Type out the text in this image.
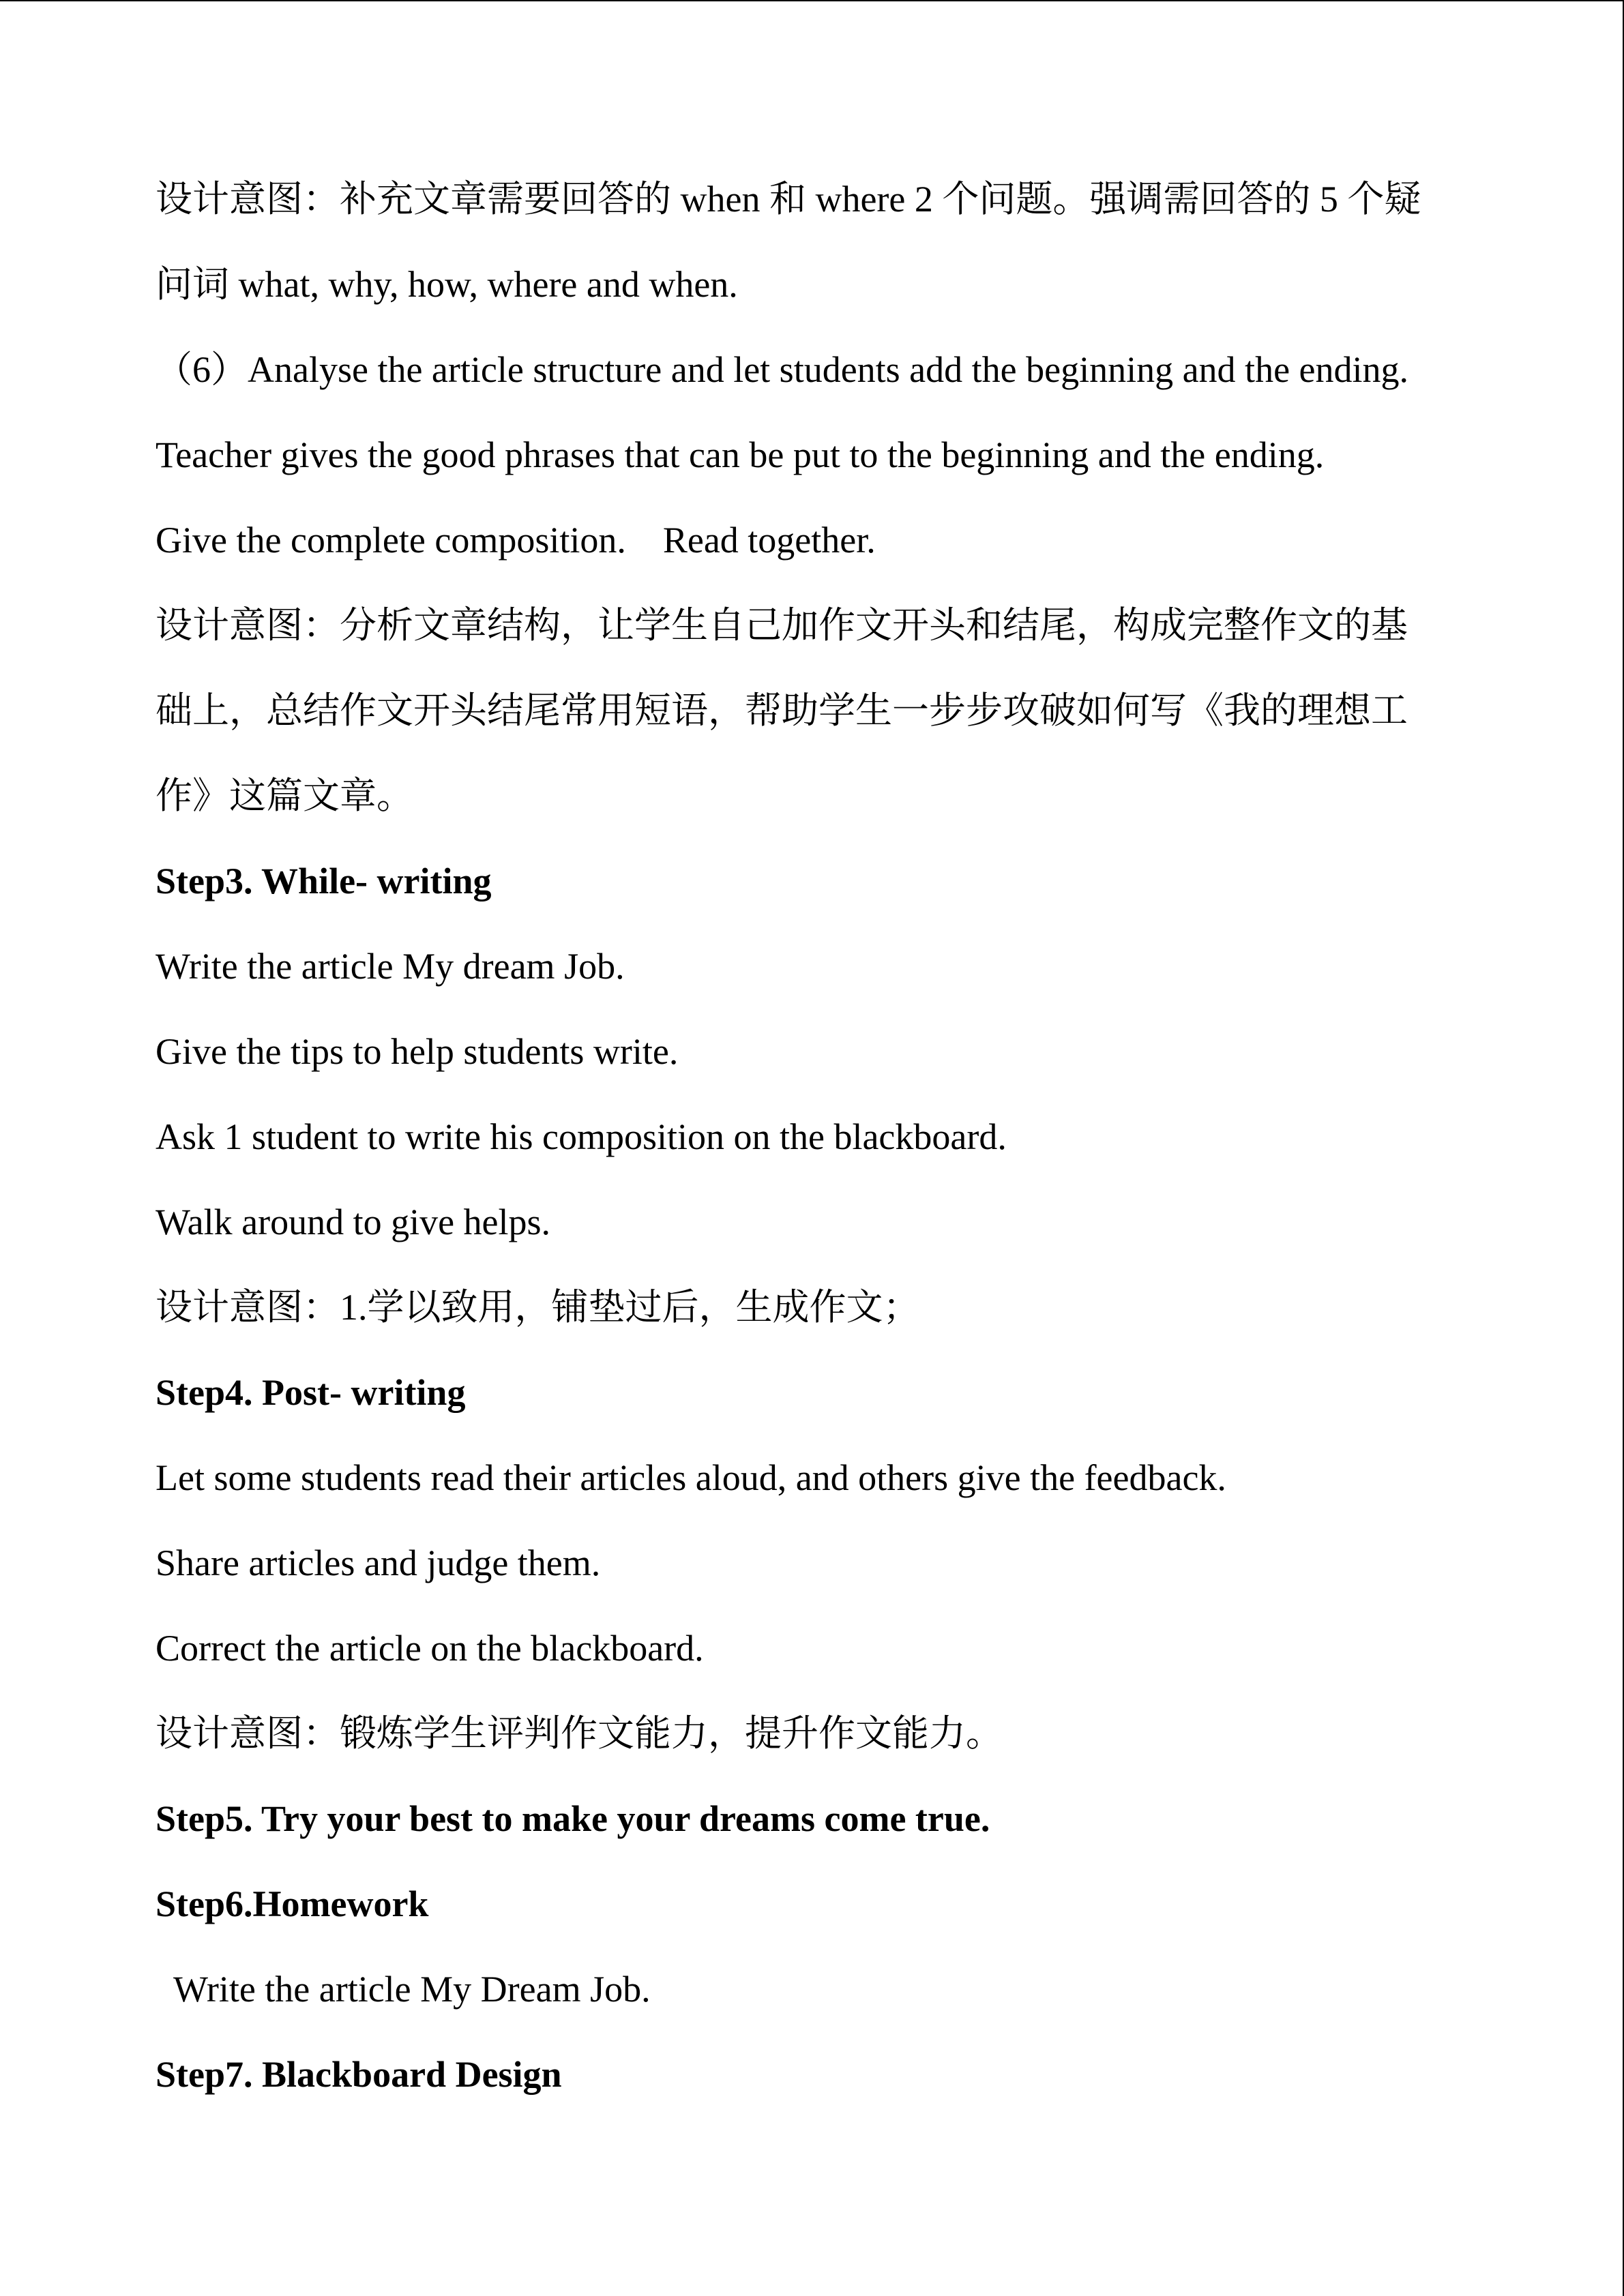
设计意图：补充文章需要回答的 when 和 where 2 个问题。强调需回答的 5 个疑

问词 what, why, how, where and when.

（6）Analyse the article structure and let students add the beginning and the ending.

Teacher gives the good phrases that can be put to the beginning and the ending.

Give the complete composition.    Read together.

设计意图：分析文章结构，让学生自己加作文开头和结尾，构成完整作文的基

础上，总结作文开头结尾常用短语，帮助学生一步步攻破如何写《我的理想工

作》这篇文章。

Step3. While- writing

Write the article My dream Job.

Give the tips to help students write.

Ask 1 student to write his composition on the blackboard.

Walk around to give helps.

设计意图：1.学以致用，铺垫过后，生成作文；

Step4. Post- writing

Let some students read their articles aloud, and others give the feedback.

Share articles and judge them.

Correct the article on the blackboard.

设计意图：锻炼学生评判作文能力，提升作文能力。

Step5. Try your best to make your dreams come true.

Step6.Homework

Write the article My Dream Job.

Step7. Blackboard Design
